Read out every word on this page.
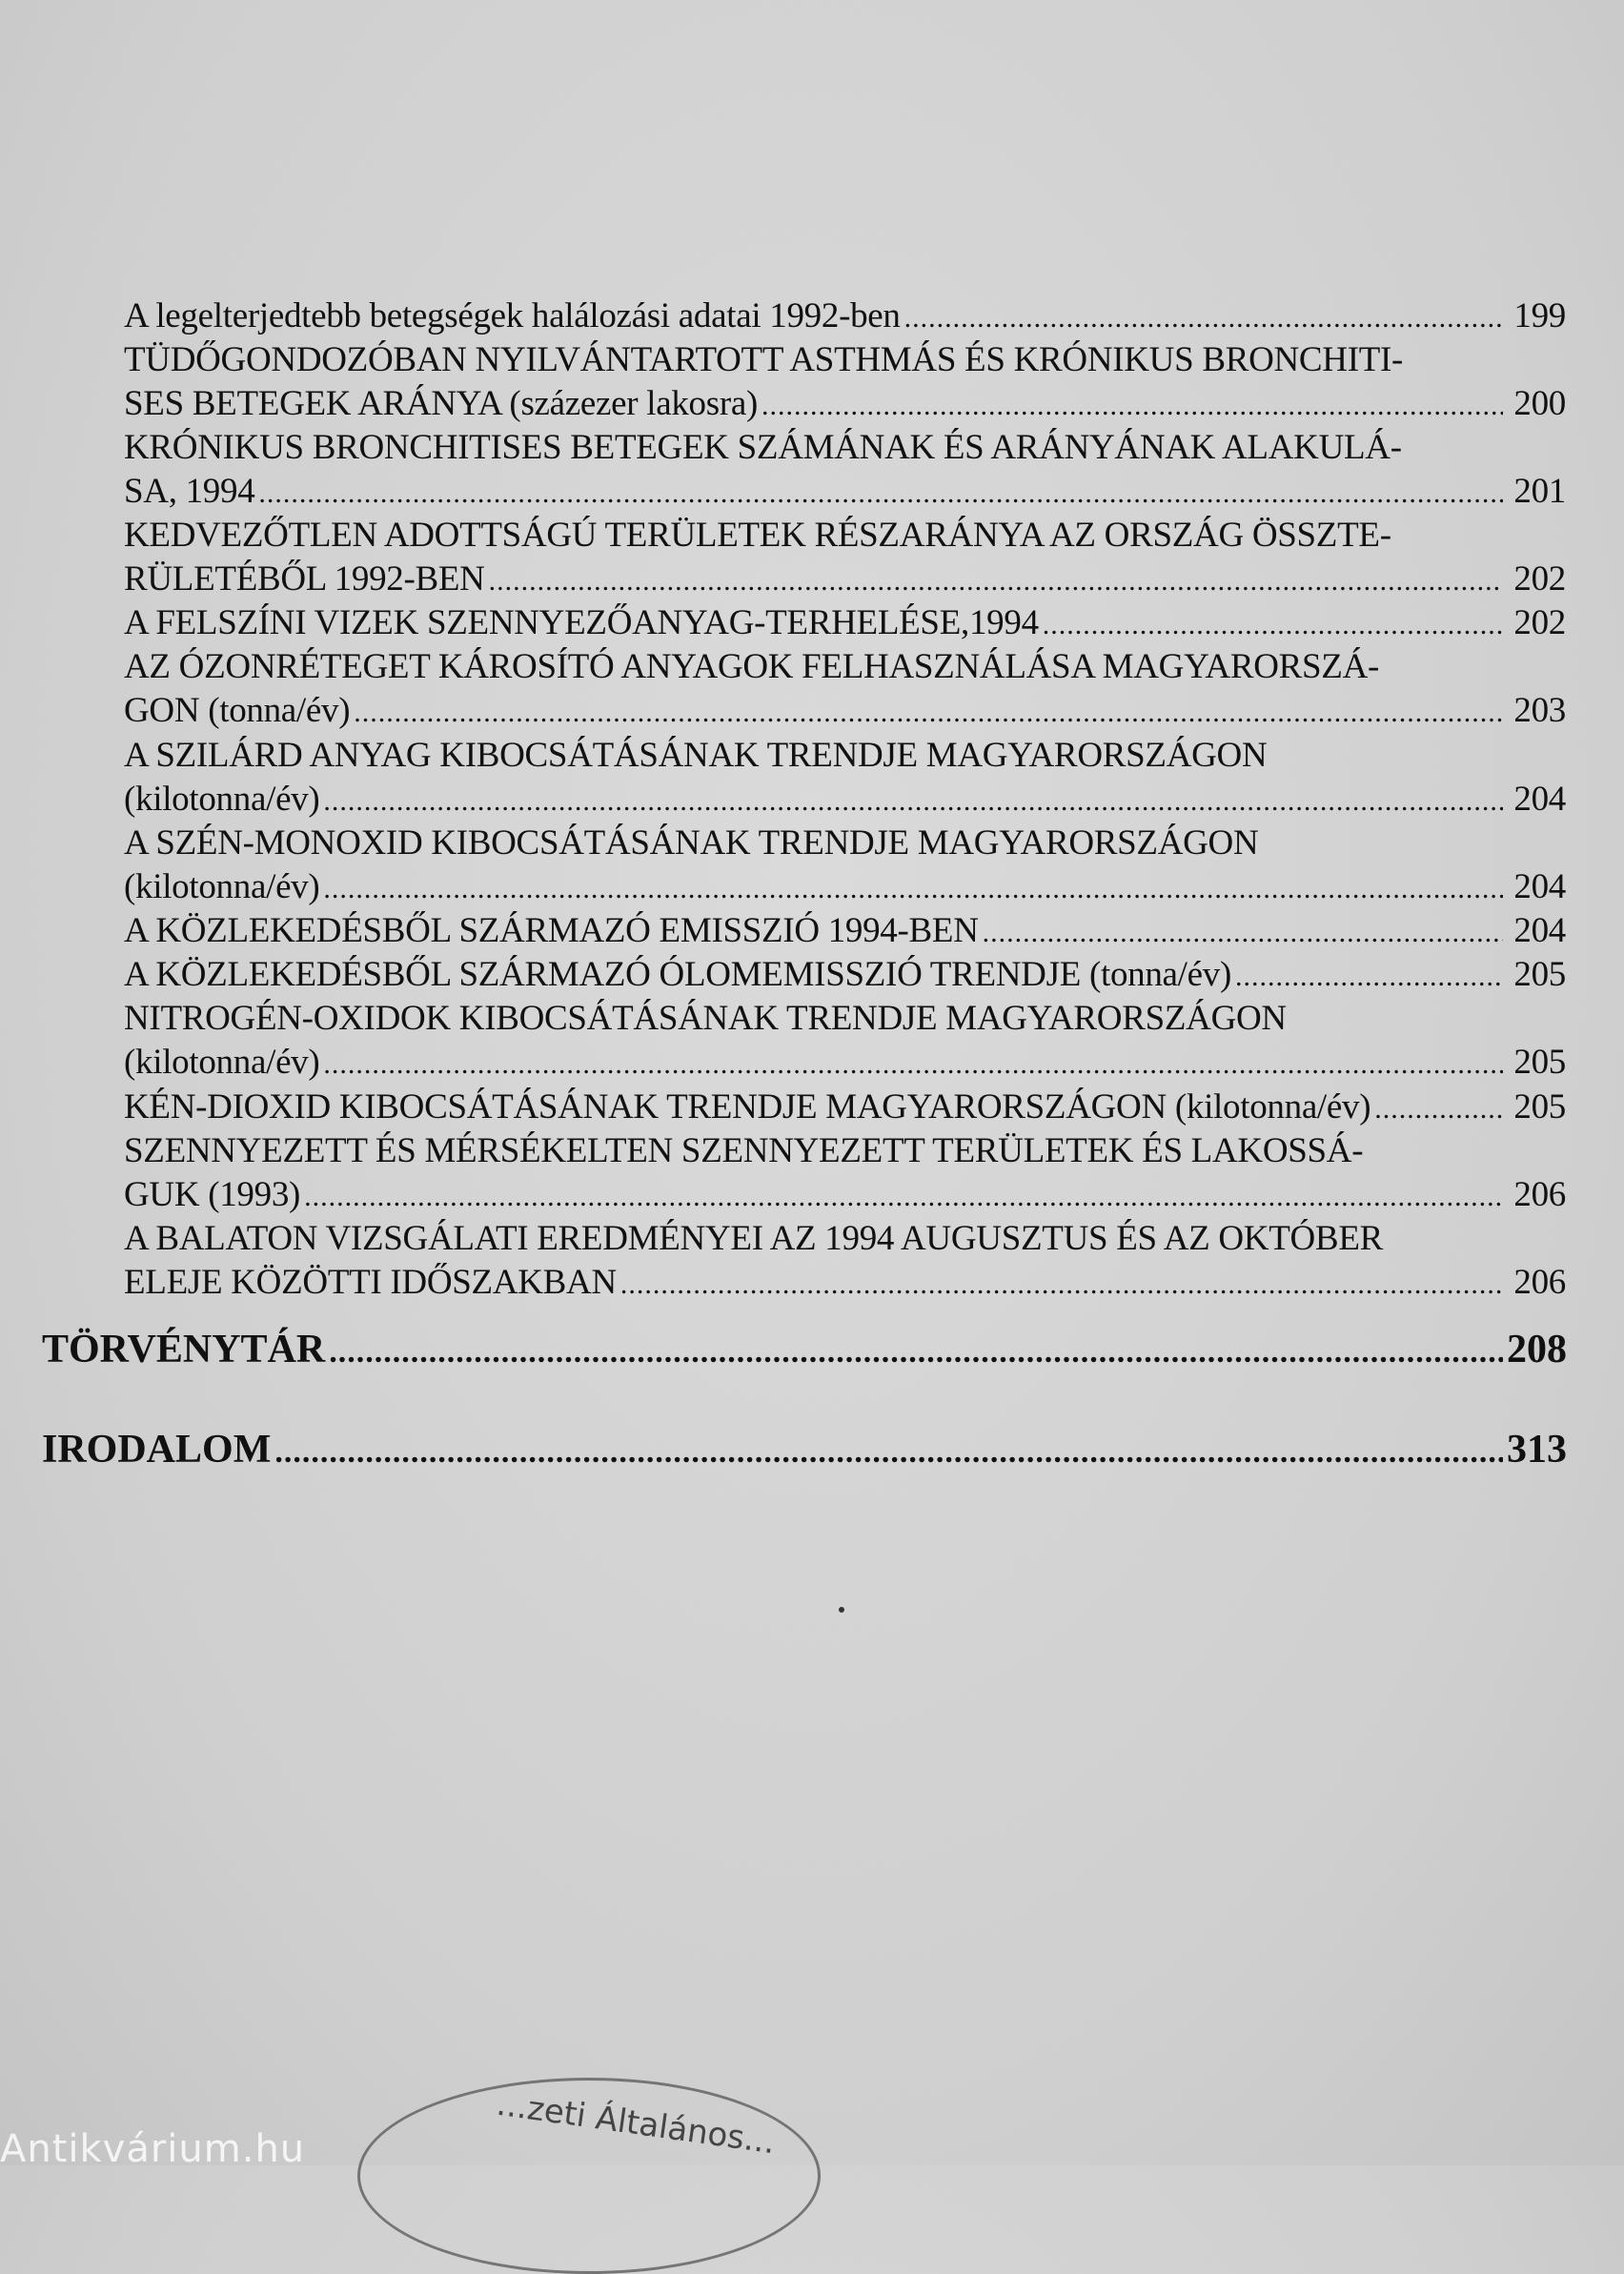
A legelterjedtebb betegségek halálozási adatai 1992-ben .....	199
TÜDŐGONDOZÓBAN NYILVÁNTARTOTT ASTHMÁS ÉS KRÓNIKUS BRONCHITI-
SES BETEGEK ARÁNYA (százezer lakosra) .....	200
KRÓNIKUS BRONCHITISES BETEGEK SZÁMÁNAK ÉS ARÁNYÁNAK ALAKULÁ-
SA, 1994 .....	201
KEDVEZŐTLEN ADOTTSÁGÚ TERÜLETEK RÉSZARÁNYA AZ ORSZÁG ÖSSZTE-
RÜLETÉBŐL 1992-BEN .....	202
A FELSZÍNI VIZEK SZENNYEZŐANYAG-TERHELÉSE,1994 .....	202
AZ ÓZONRÉTEGET KÁROSÍTÓ ANYAGOK FELHASZNÁLÁSA MAGYARORSZÁ-
GON (tonna/év) .....	203
A SZILÁRD ANYAG KIBOCSÁTÁSÁNAK TRENDJE MAGYARORSZÁGON
(kilotonna/év) .....	204
A SZÉN-MONOXID KIBOCSÁTÁSÁNAK TRENDJE MAGYARORSZÁGON
(kilotonna/év) .....	204
A KÖZLEKEDÉSBŐL SZÁRMAZÓ EMISSZIÓ 1994-BEN .....	204
A KÖZLEKEDÉSBŐL SZÁRMAZÓ ÓLOMEMISSZIÓ TRENDJE (tonna/év) .....	205
NITROGÉN-OXIDOK KIBOCSÁTÁSÁNAK TRENDJE MAGYARORSZÁGON
(kilotonna/év) .....	205
KÉN-DIOXID KIBOCSÁTÁSÁNAK TRENDJE MAGYARORSZÁGON (kilotonna/év) .....	205
SZENNYEZETT ÉS MÉRSÉKELTEN SZENNYEZETT TERÜLETEK ÉS LAKOSSÁ-
GUK (1993) .....	206
A BALATON VIZSGÁLATI EREDMÉNYEI AZ 1994 AUGUSZTUS ÉS AZ OKTÓBER
ELEJE KÖZÖTTI IDŐSZAKBAN .....	206
TÖRVÉNYTÁR .....	208
IRODALOM .....	313
...zeti Általános...
Antikvárium.hu
